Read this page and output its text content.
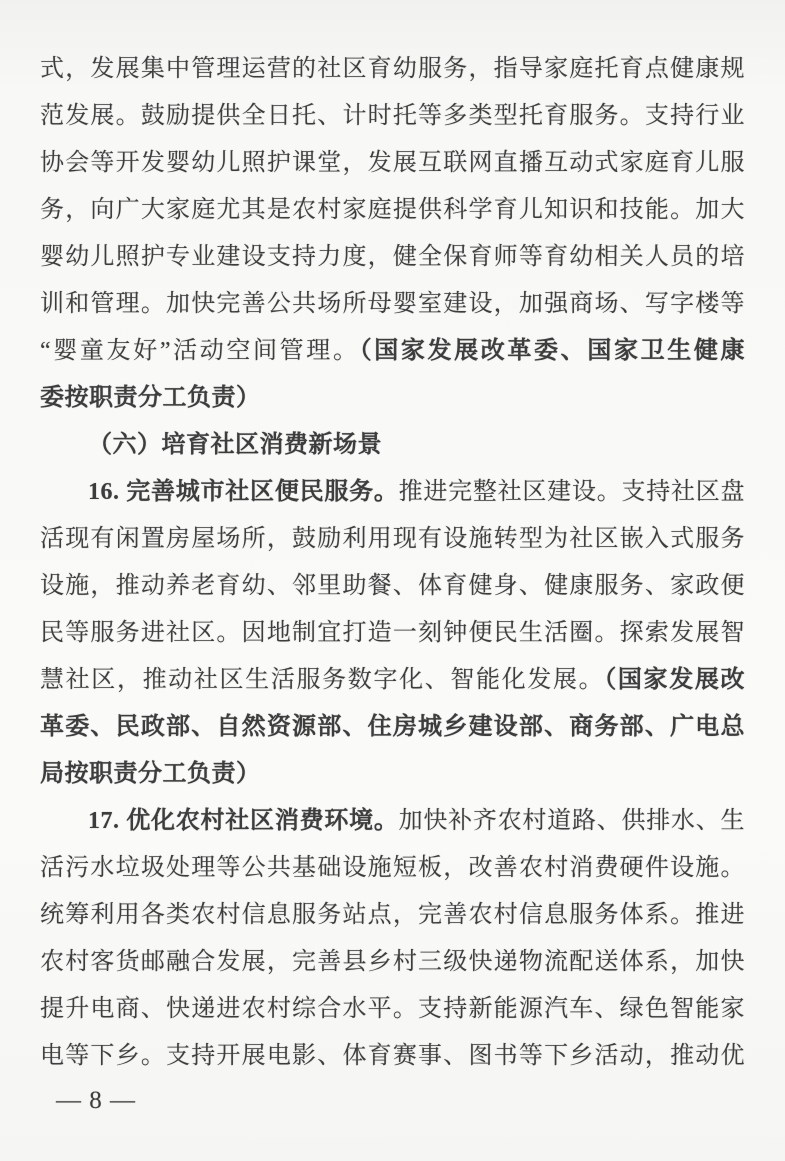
式，发展集中管理运营的社区育幼服务，指导家庭托育点健康规
范发展。鼓励提供全日托、计时托等多类型托育服务。支持行业
协会等开发婴幼儿照护课堂，发展互联网直播互动式家庭育儿服
务，向广大家庭尤其是农村家庭提供科学育儿知识和技能。加大
婴幼儿照护专业建设支持力度，健全保育师等育幼相关人员的培
训和管理。加快完善公共场所母婴室建设，加强商场、写字楼等
“婴童友好”活动空间管理。（国家发展改革委、国家卫生健康
委按职责分工负责）
（六）培育社区消费新场景
16. 完善城市社区便民服务。推进完整社区建设。支持社区盘
活现有闲置房屋场所，鼓励利用现有设施转型为社区嵌入式服务
设施，推动养老育幼、邻里助餐、体育健身、健康服务、家政便
民等服务进社区。因地制宜打造一刻钟便民生活圈。探索发展智
慧社区，推动社区生活服务数字化、智能化发展。（国家发展改
革委、民政部、自然资源部、住房城乡建设部、商务部、广电总
局按职责分工负责）
17. 优化农村社区消费环境。加快补齐农村道路、供排水、生
活污水垃圾处理等公共基础设施短板，改善农村消费硬件设施。
统筹利用各类农村信息服务站点，完善农村信息服务体系。推进
农村客货邮融合发展，完善县乡村三级快递物流配送体系，加快
提升电商、快递进农村综合水平。支持新能源汽车、绿色智能家
电等下乡。支持开展电影、体育赛事、图书等下乡活动，推动优
— 8 —
